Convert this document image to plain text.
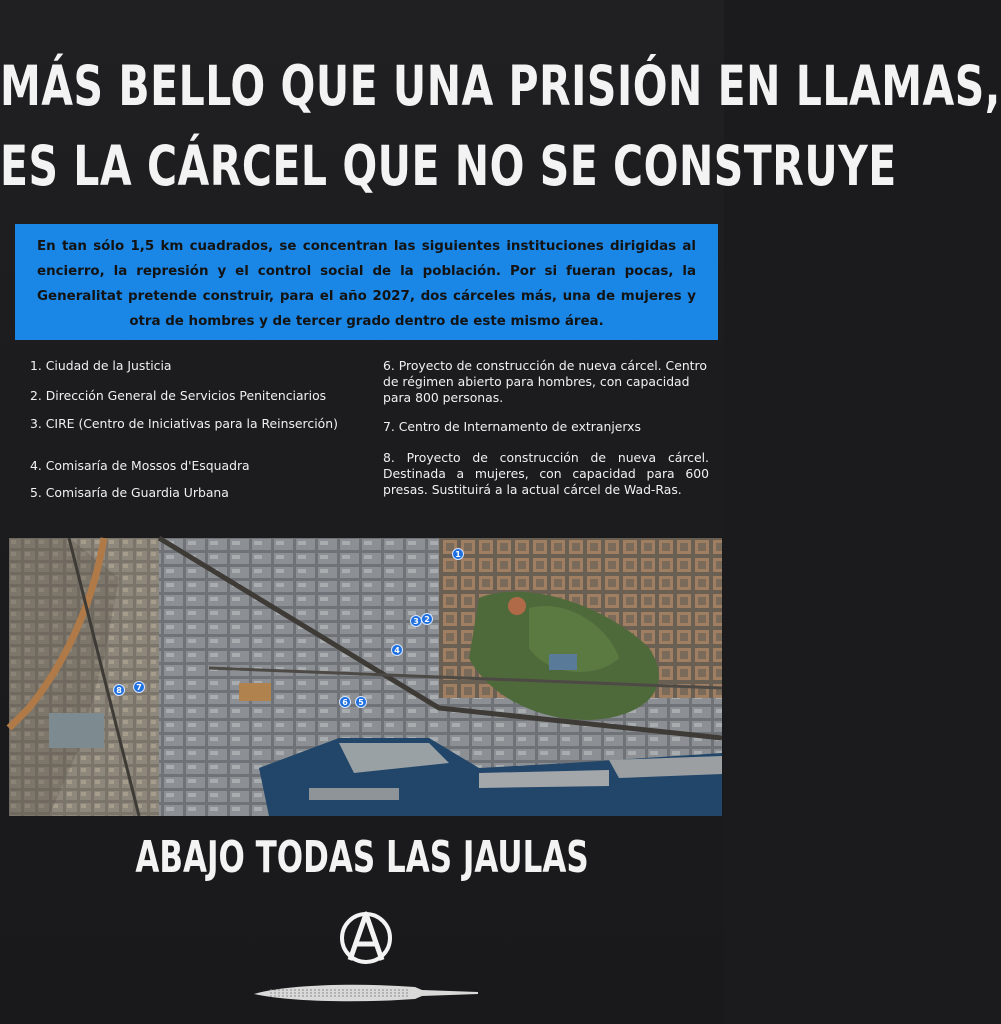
MÁS BELLO QUE UNA PRISIÓN EN LLAMAS,
ES LA CÁRCEL QUE NO SE CONSTRUYE
En tan sólo 1,5 km cuadrados, se concentran las siguientes instituciones dirigidas al encierro, la represión y el control social de la población. Por si fueran pocas, la Generalitat pretende construir, para el año 2027, dos cárceles más, una de mujeres y otra de hombres y de tercer grado dentro de este mismo área.
1. Ciudad de la Justicia
2. Dirección General de Servicios Penitenciarios
3. CIRE (Centro de Iniciativas para la Reinserción)
4. Comisaría de Mossos d'Esquadra
5. Comisaría de Guardia Urbana
6. Proyecto de construcción de nueva cárcel. Centro de régimen abierto para hombres, con capacidad para 800 personas.
7. Centro de Internamento de extranjerxs
8. Proyecto de construcción de nueva cárcel. Destinada a mujeres, con capacidad para 600 presas. Sustituirá a la actual cárcel de Wad-Ras.
1
2
3
4
5
6
7
8
ABAJO TODAS LAS JAULAS
